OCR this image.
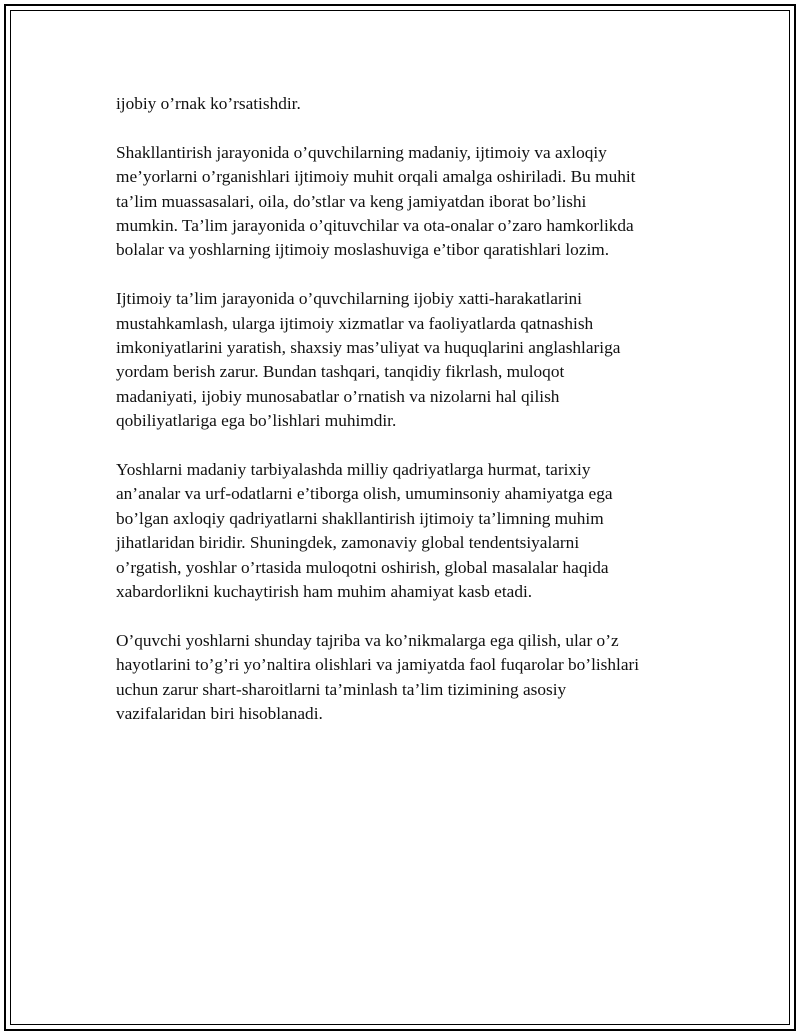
ijobiy o’rnak ko’rsatishdir.

Shakllantirish jarayonida o’quvchilarning madaniy, ijtimoiy va axloqiy
me’yorlarni o’rganishlari ijtimoiy muhit orqali amalga oshiriladi. Bu muhit
ta’lim muassasalari, oila, do’stlar va keng jamiyatdan iborat bo’lishi
mumkin. Ta’lim jarayonida o’qituvchilar va ota-onalar o’zaro hamkorlikda
bolalar va yoshlarning ijtimoiy moslashuviga e’tibor qaratishlari lozim.

Ijtimoiy ta’lim jarayonida o’quvchilarning ijobiy xatti-harakatlarini
mustahkamlash, ularga ijtimoiy xizmatlar va faoliyatlarda qatnashish
imkoniyatlarini yaratish, shaxsiy mas’uliyat va huquqlarini anglashlariga
yordam berish zarur. Bundan tashqari, tanqidiy fikrlash, muloqot
madaniyati, ijobiy munosabatlar o’rnatish va nizolarni hal qilish
qobiliyatlariga ega bo’lishlari muhimdir.

Yoshlarni madaniy tarbiyalashda milliy qadriyatlarga hurmat, tarixiy
an’analar va urf-odatlarni e’tiborga olish, umuminsoniy ahamiyatga ega
bo’lgan axloqiy qadriyatlarni shakllantirish ijtimoiy ta’limning muhim
jihatlaridan biridir. Shuningdek, zamonaviy global tendentsiyalarni
o’rgatish, yoshlar o’rtasida muloqotni oshirish, global masalalar haqida
xabardorlikni kuchaytirish ham muhim ahamiyat kasb etadi.

O’quvchi yoshlarni shunday tajriba va ko’nikmalarga ega qilish, ular o’z
hayotlarini to’g’ri yo’naltira olishlari va jamiyatda faol fuqarolar bo’lishlari
uchun zarur shart-sharoitlarni ta’minlash ta’lim tizimining asosiy
vazifalaridan biri hisoblanadi.
